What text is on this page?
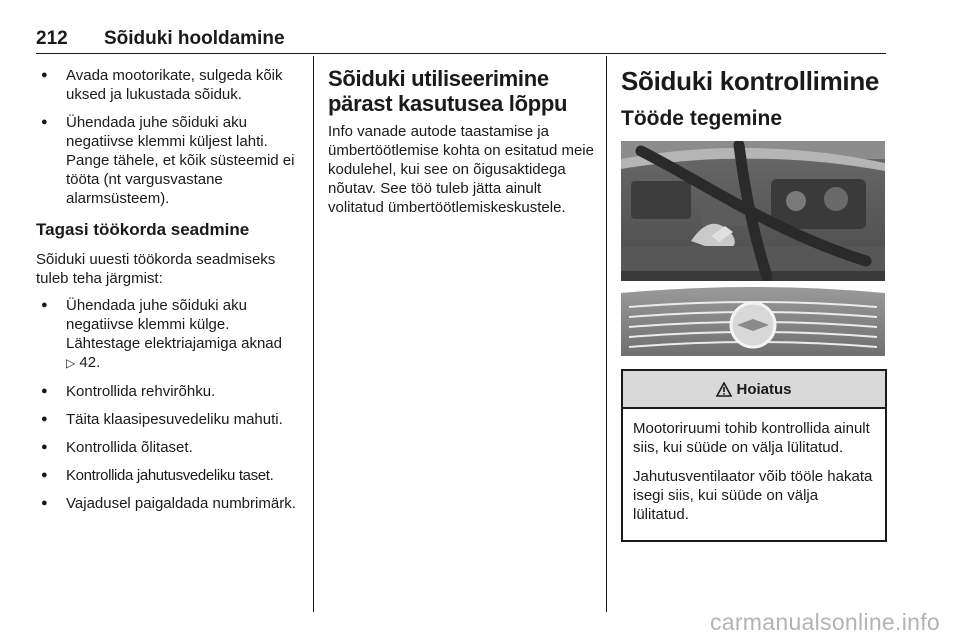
212 Sõiduki hooldamine
● Avada mootorikate, sulgeda kõik uksed ja lukustada sõiduk.
● Ühendada juhe sõiduki aku negatiivse klemmi küljest lahti. Pange tähele, et kõik süsteemid ei tööta (nt vargusvastane alarmsüsteem).
Tagasi töökorda seadmine

Sõiduki uuesti töökorda seadmiseks tuleb teha järgmist:

● Ühendada juhe sõiduki aku negatiivse klemmi külge. Lähtestage elektriajamiga aknad
▷ 42.
● Kontrollida rehvirõhku.
● Täita klaasipesuvedeliku mahuti.
● Kontrollida õlitaset.
● Kontrollida jahutusvedeliku taset.
● Vajadusel paigaldada numbrimärk.
Sõiduki utiliseerimine pärast kasutusea lõppu

Info vanade autode taastamise ja ümbertöötlemise kohta on esitatud meie kodulehel, kui see on õigusaktidega nõutav. See töö tuleb jätta ainult volitatud ümbertöötlemiskeskustele.

Sõiduki kontrollimine
Tööde tegemine
Hoiatus

Mootoriruumi tohib kontrollida ainult siis, kui süüde on välja lülitatud.

Jahutusventilaator võib tööle hakata isegi siis, kui süüde on välja lülitatud.

carmanualsonline.info
